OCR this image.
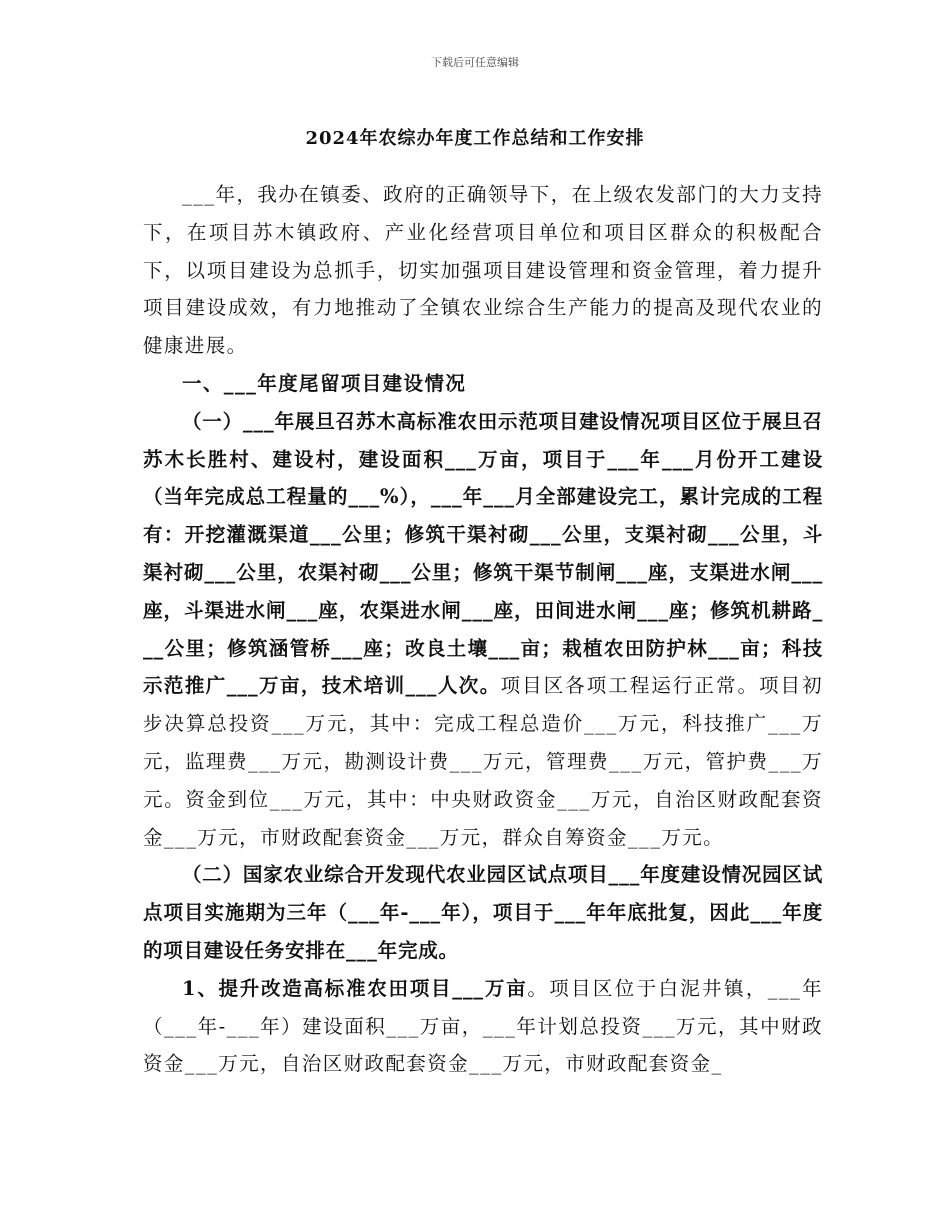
下载后可任意编辑
2024年农综办年度工作总结和工作安排

___年，我办在镇委、政府的正确领导下，在上级农发部门的大力支持下，在项目苏木镇政府、产业化经营项目单位和项目区群众的积极配合下，以项目建设为总抓手，切实加强项目建设管理和资金管理，着力提升项目建设成效，有力地推动了全镇农业综合生产能力的提高及现代农业的健康进展。

一、___年度尾留项目建设情况

（一）___年展旦召苏木高标准农田示范项目建设情况项目区位于展旦召苏木长胜村、建设村，建设面积___万亩，项目于___年___月份开工建设（当年完成总工程量的___%），___年___月全部建设完工，累计完成的工程有：开挖灌溉渠道___公里；修筑干渠衬砌___公里，支渠衬砌___公里，斗渠衬砌___公里，农渠衬砌___公里；修筑干渠节制闸___座，支渠进水闸___座，斗渠进水闸___座，农渠进水闸___座，田间进水闸___座；修筑机耕路___公里；修筑涵管桥___座；改良土壤___亩；栽植农田防护林___亩；科技示范推广___万亩，技术培训___人次。项目区各项工程运行正常。项目初步决算总投资___万元，其中：完成工程总造价___万元，科技推广___万元，监理费___万元，勘测设计费___万元，管理费___万元，管护费___万元。资金到位___万元，其中：中央财政资金___万元，自治区财政配套资金___万元，市财政配套资金___万元，群众自筹资金___万元。

（二）国家农业综合开发现代农业园区试点项目___年度建设情况园区试点项目实施期为三年（___年-___年），项目于___年年底批复，因此___年度的项目建设任务安排在___年完成。

1、提升改造高标准农田项目___万亩。项目区位于白泥井镇，___年（___年-___年）建设面积___万亩，___年计划总投资___万元，其中财政资金___万元，自治区财政配套资金___万元，市财政配套资金_
